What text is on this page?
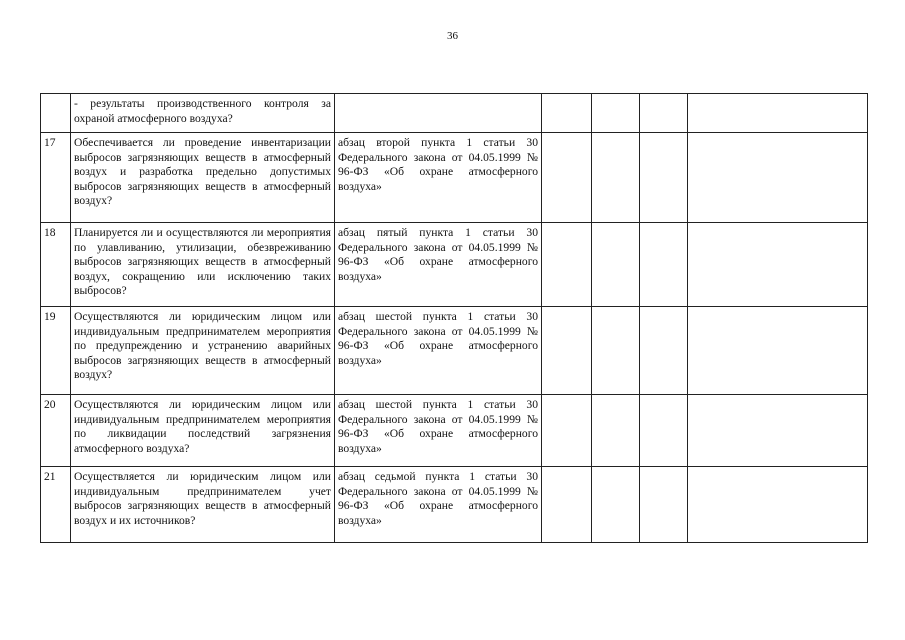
36
	- результаты производственного контроля за охраной атмосферного воздуха?					
17	Обеспечивается ли проведение инвентаризации выбросов загрязняющих веществ в атмосферный воздух и разработка предельно допустимых выбросов загрязняющих веществ в атмосферный воздух?	абзац второй пункта 1 статьи 30 Федерального закона от 04.05.1999 № 96-ФЗ «Об охране атмосферного воздуха»				
18	Планируется ли и осуществляются ли мероприятия по улавливанию, утилизации, обезвреживанию выбросов загрязняющих веществ в атмосферный воздух, сокращению или исключению таких выбросов?	абзац пятый пункта 1 статьи 30 Федерального закона от 04.05.1999 № 96-ФЗ «Об охране атмосферного воздуха»				
19	Осуществляются ли юридическим лицом или индивидуальным предпринимателем мероприятия по предупреждению и устранению аварийных выбросов загрязняющих веществ в атмосферный воздух?	абзац шестой пункта 1 статьи 30 Федерального закона от 04.05.1999 № 96-ФЗ «Об охране атмосферного воздуха»				
20	Осуществляются ли юридическим лицом или индивидуальным предпринимателем мероприятия по ликвидации последствий загрязнения атмосферного воздуха?	абзац шестой пункта 1 статьи 30 Федерального закона от 04.05.1999 № 96-ФЗ «Об охране атмосферного воздуха»				
21	Осуществляется ли юридическим лицом или индивидуальным предпринимателем учет выбросов загрязняющих веществ в атмосферный воздух и их источников?	абзац седьмой пункта 1 статьи 30 Федерального закона от 04.05.1999 № 96-ФЗ «Об охране атмосферного воздуха»				
